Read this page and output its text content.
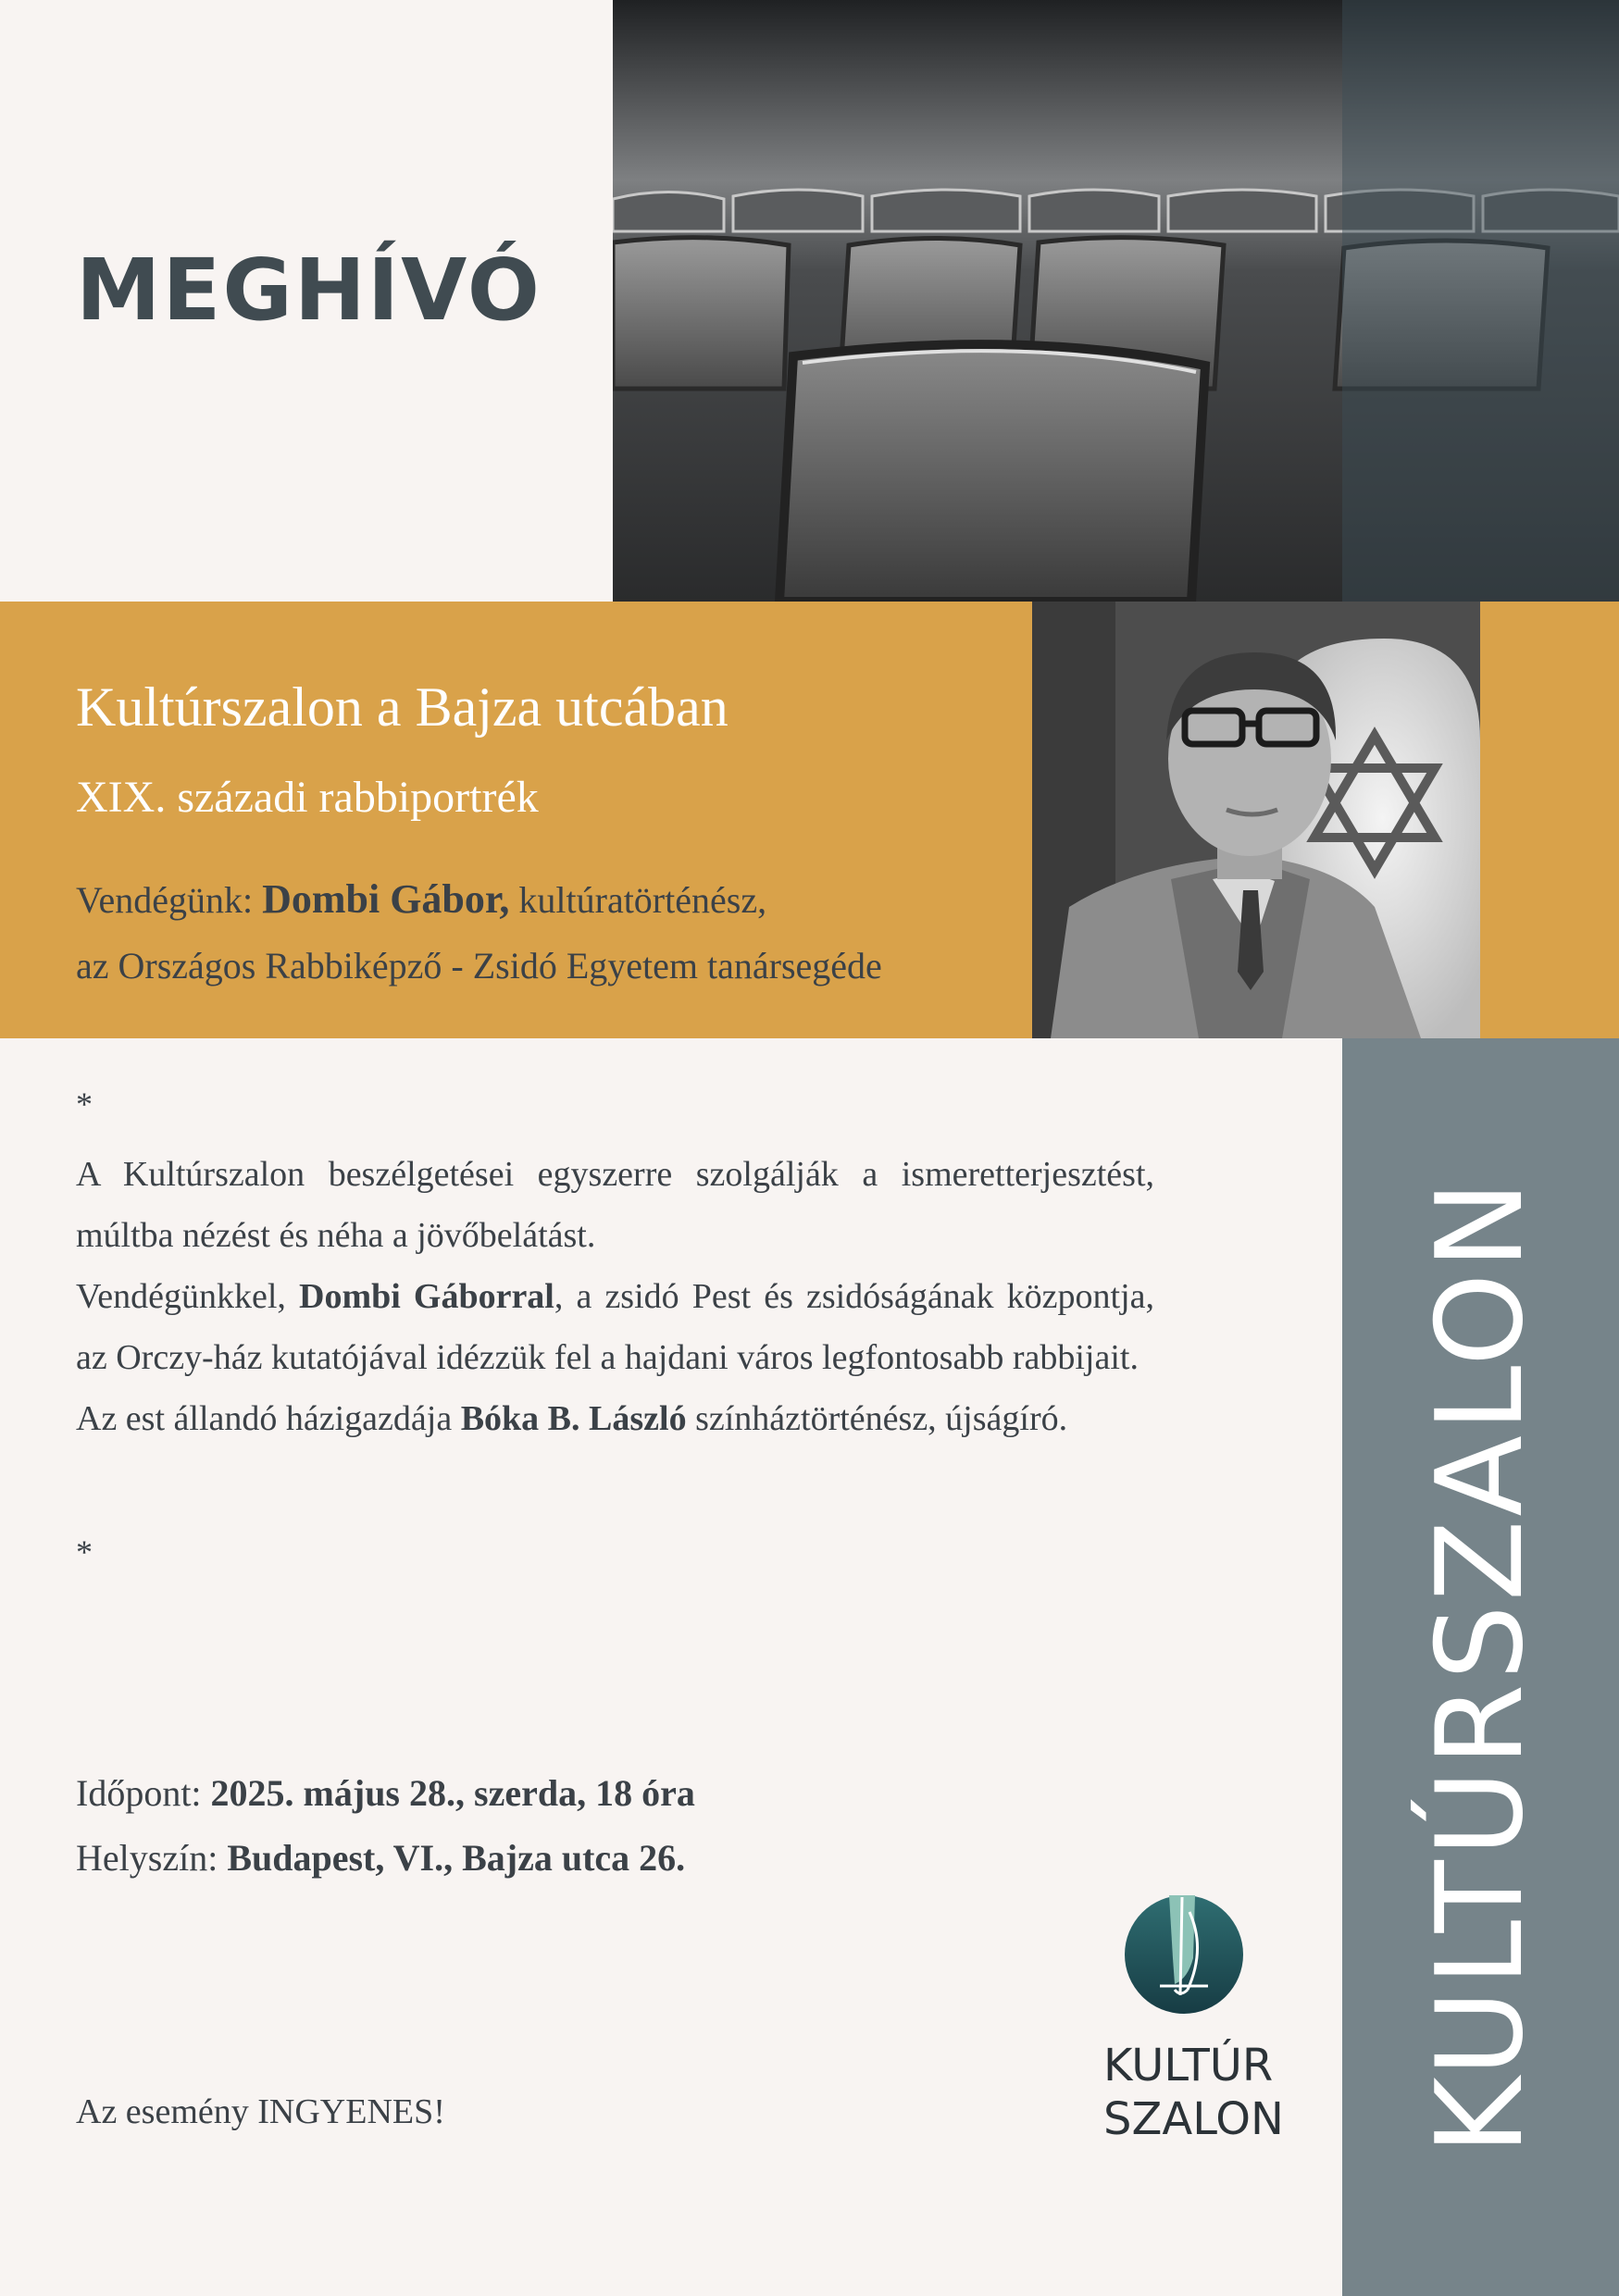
MEGHÍVÓ
Kultúrszalon a Bajza utcában
XIX. századi rabbiportrék
Vendégünk: Dombi Gábor, kultúratörténész,
az Országos Rabbiképző - Zsidó Egyetem tanársegéde
KULTÚRSZALON
*

A Kultúrszalon beszélgetései egyszerre szolgálják a ismeretterjesztést, múltba nézést és néha a jövőbelátást.

Vendégünkkel, Dombi Gáborral, a zsidó Pest és zsidóságának központja, az Orczy-ház kutatójával idézzük fel a hajdani város legfontosabb rabbijait.

Az est állandó házigazdája Bóka B. László színháztörténész, újságíró.

*
Időpont: 2025. május 28., szerda, 18 óra
Helyszín: Budapest, VI., Bajza utca 26.
Az esemény INGYENES!
KULTÚR
SZALON
